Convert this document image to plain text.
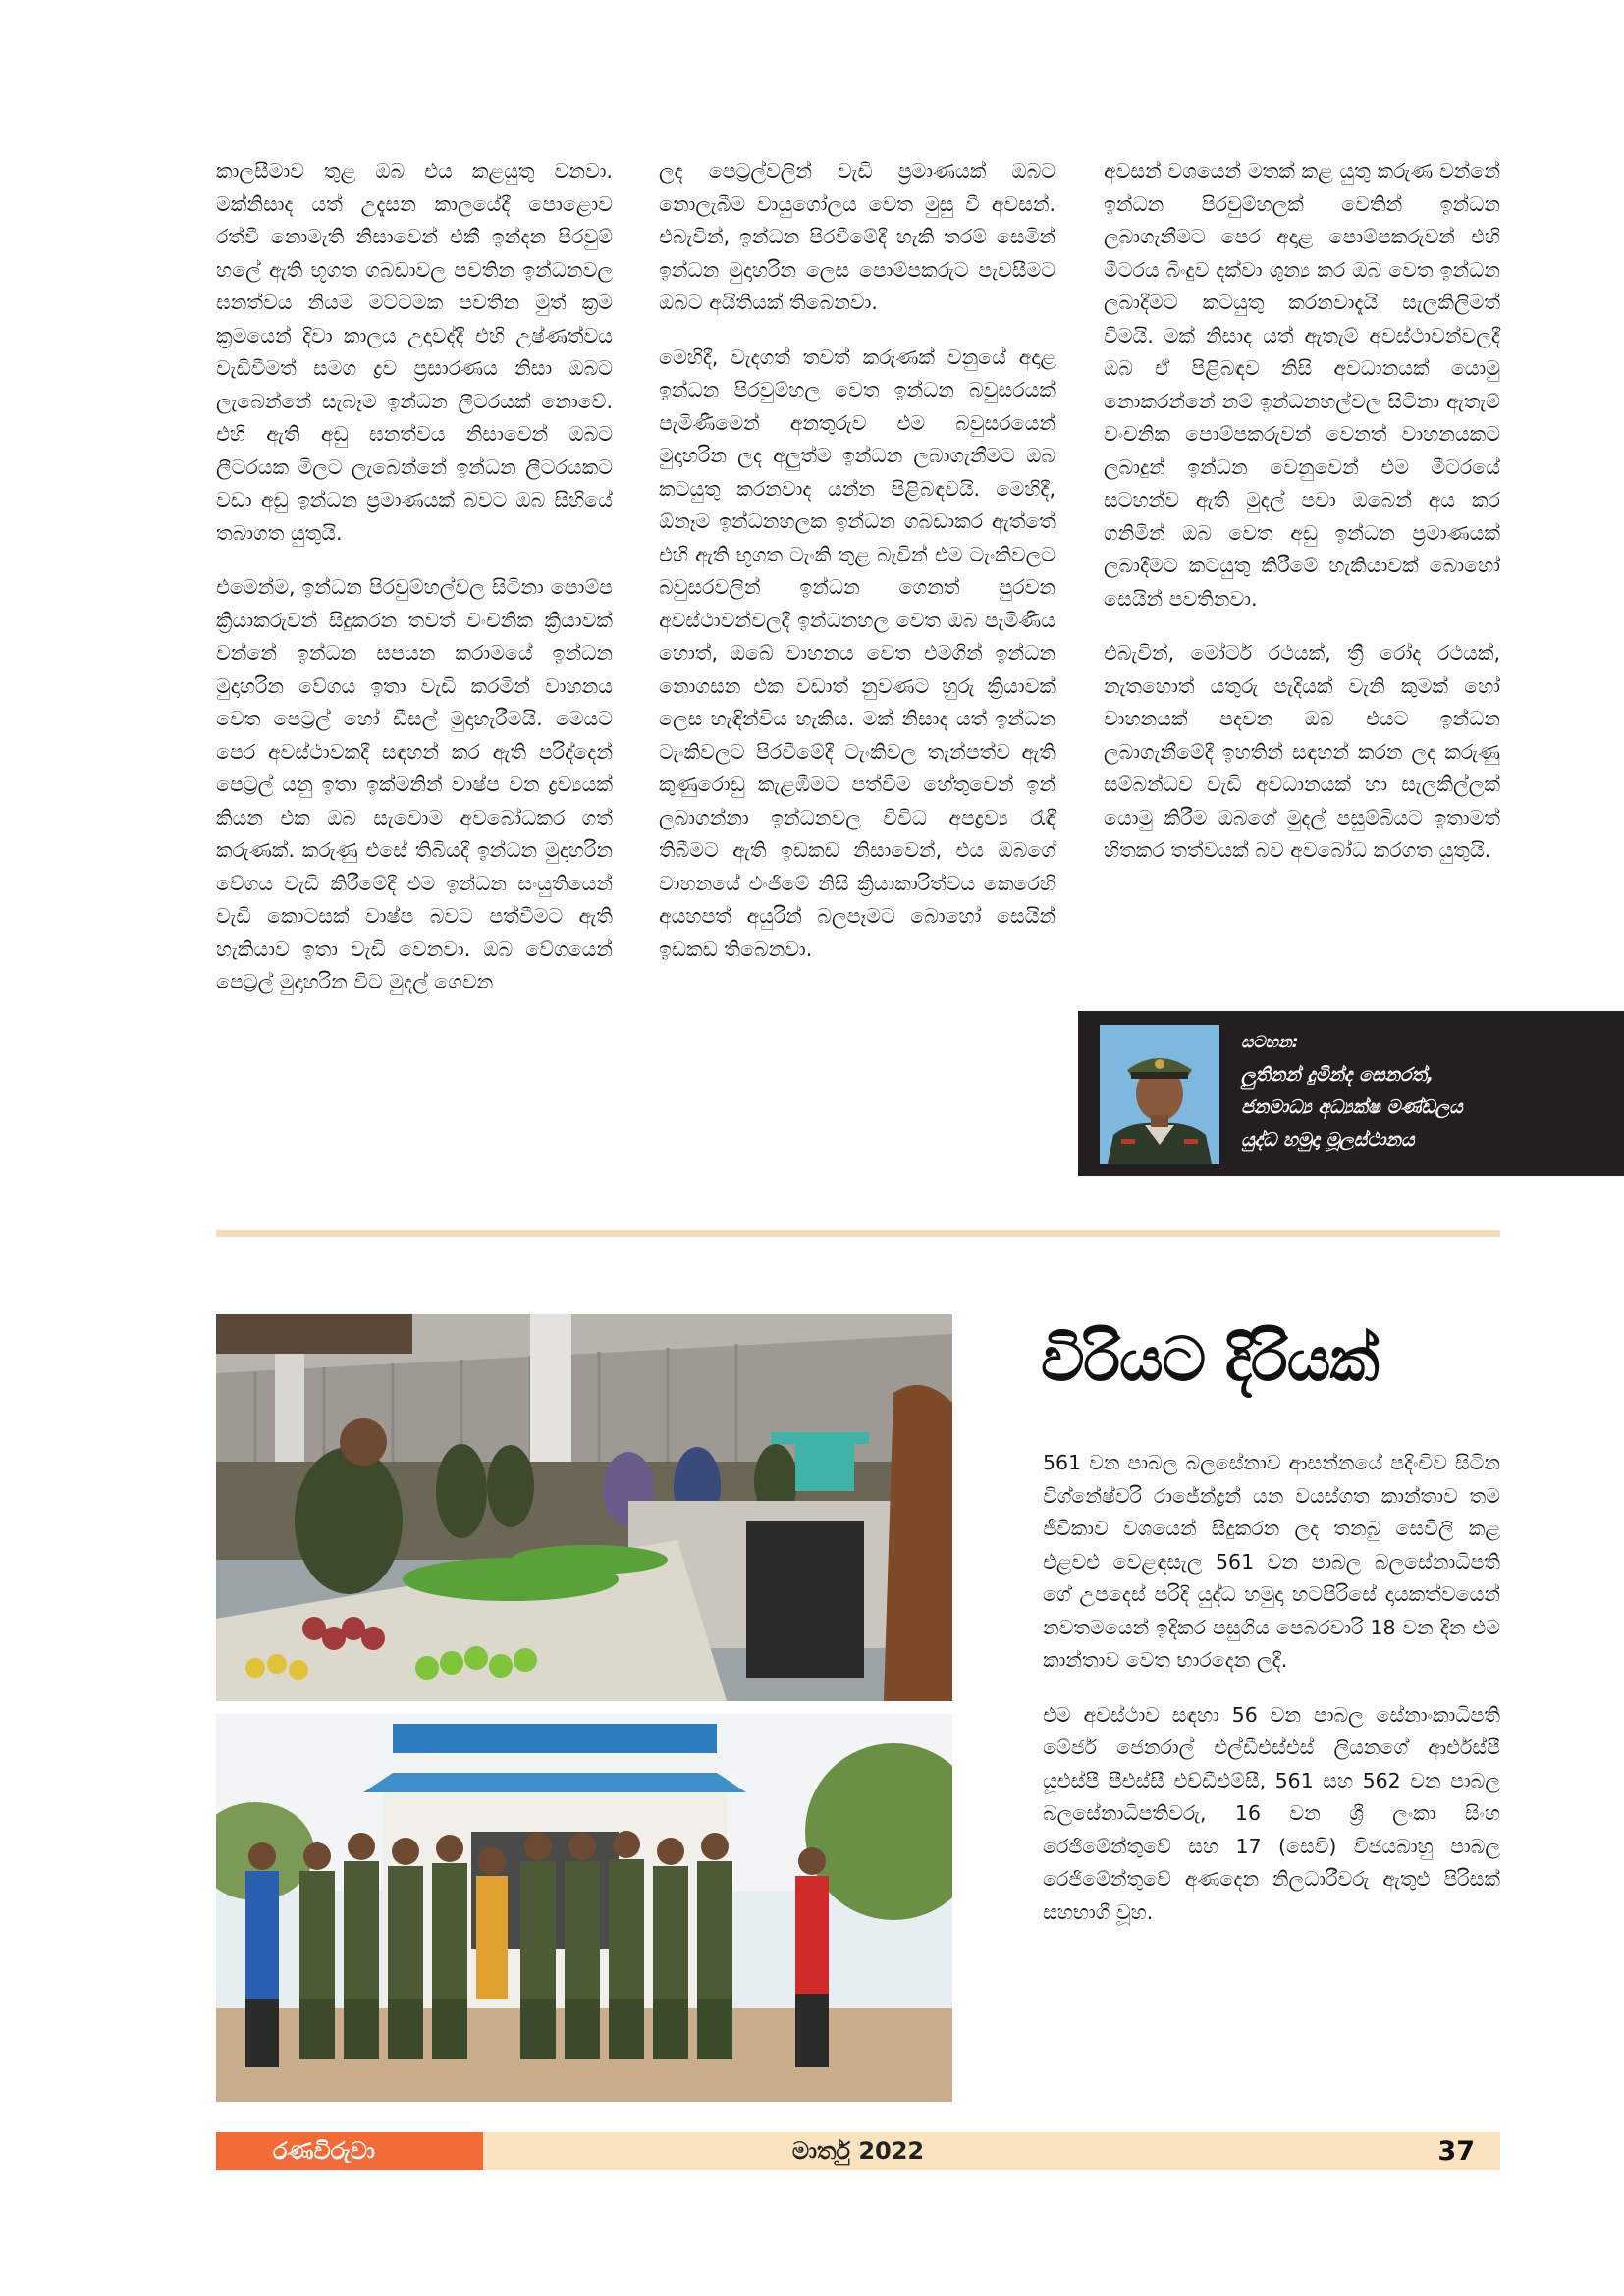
කාලසීමාව තුළ ඔබ එය කළයුතු වනවා. මක්නිසාද යත් උදැසන කාලයේදී පොළොව රත්වී නොමැති නිසාවෙන් එකී ඉන්දන පිරවුම් හලේ ඇති භූගත ගබඩාවල පවතින ඉන්ධනවල ඝනත්වය නියම මට්ටමක පවතින මුත් ක්‍රම ක්‍රමයෙන් දිවා කාලය උදාවද්දී එහි උෂ්ණත්වය වැඩිවීමත් සමග ද්‍රව ප්‍රසාරණය නිසා ඔබට ලැබෙන්නේ සැබෑම ඉන්ධන ලීටරයක් නොවේ. එහි ඇති අඩු ඝනත්වය නිසාවෙන් ඔබට ලීටරයක මිලට ලැබෙන්නේ ඉන්ධන ලීටරයකට වඩා අඩු ඉන්ධන ප්‍රමාණයක් බවට ඔබ සිහියේ තබාගත යුතුයි.

එමෙන්ම, ඉන්ධන පිරවුම්හල්වල සිටිනා පොම්ප ක්‍රියාකරුවන් සිදුකරන තවත් වංචනික ක්‍රියාවක් වන්නේ ඉන්ධන සපයන කරාමයේ ඉන්ධන මුදාහරින වේගය ඉතා වැඩි කරමින් වාහනය වෙත පෙට්‍රල් හෝ ඩීසල් මුදාහැරීමයි. මෙයට පෙර අවස්ථාවකදී සඳහන් කර ඇති පරිද්දෙන් පෙට්‍රල් යනු ඉතා ඉක්මනින් වාෂ්ප වන ද්‍රව්‍යයක් කියන එක ඔබ සැවොම අවබෝධකර ගත් කරුණක්. කරුණු එසේ තිබියදී ඉන්ධන මුදාහරින වේගය වැඩි කිරීමේදී එම ඉන්ධන සංයුතියෙන් වැඩි කොටසක් වාෂ්ප බවට පත්වීමට ඇති හැකියාව ඉතා වැඩි වෙනවා. ඔබ වේගයෙන් පෙට්‍රල් මුදාහරින විට මුදල් ගෙවන

ලද පෙට්‍රල්වලින් වැඩි ප්‍රමාණයක් ඔබට නොලැබීම වායුගෝලය වෙත මුසු වී අවසන්. එබැවින්, ඉන්ධන පිරවීමේදී හැකි තරම් සෙමින් ඉන්ධන මුදාහරින ලෙස පොම්පකරුට පැවසීමට ඔබට අයිතියක් තිබෙනවා.

මෙහිදී, වැදගත් තවත් කරුණක් වනුයේ අදාළ ඉන්ධන පිරවුම්හල වෙත ඉන්ධන බවුසරයක් පැමිණීමෙන් අනතුරුව එම බවුසරයෙන් මුදාහරින ලද අලුත්ම ඉන්ධන ලබාගැනීමට ඔබ කටයුතු කරනවාද යන්න පිළිබඳවයි. මෙහිදී, ඕනෑම ඉන්ධනහලක ඉන්ධන ගබඩාකර ඇත්තේ එහි ඇති භූගත ටැංකි තුළ බැවින් එම ටැංකිවලට බවුසරවලින් ඉන්ධන ගෙනත් පුරවන අවස්ථාවන්වලදී ඉන්ධනහල වෙත ඔබ පැමිණිය හොත්, ඔබේ වාහනය වෙත එමගින් ඉන්ධන නොගසන එක වඩාත් නුවණට හුරු ක්‍රියාවක් ලෙස හැඳින්විය හැකිය. මක් නිසාද යත් ඉන්ධන ටැංකිවලට පිරවීමේදී ටැංකිවල තැන්පත්ව ඇති කුණුරොඩු කැළඹීමට පත්වීම හේතුවෙන් ඉන් ලබාගන්නා ඉන්ධනවල විවිධ අපද්‍රව්‍ය රැඳී තිබීමට ඇති ඉඩකඩ නිසාවෙන්, එය ඔබගේ වාහනයේ එංජිමේ නිසි ක්‍රියාකාරිත්වය කෙරෙහි අයහපත් අයුරින් බලපෑමට බොහෝ සෙයින් ඉඩකඩ තිබෙනවා.

අවසන් වශයෙන් මතක් කළ යුතු කරුණ වන්නේ ඉන්ධන පිරවුම්හලක් වෙතින් ඉන්ධන ලබාගැනීමට පෙර අදාළ පොම්පකරුවන් එහි මීටරය බිංදුව දක්වා ශුන්‍ය කර ඔබ වෙත ඉන්ධන ලබාදීමට කටයුතු කරනවාදැයි සැලකිලිමත් වීමයි. මක් නිසාද යත් ඇතැම් අවස්ථාවන්වලදී ඔබ ඒ පිළිබඳව නිසි අවධානයක් යොමු නොකරන්නේ නම් ඉන්ධනහල්වල සිටිනා ඇතැම් වංචනික පොම්පකරුවන් වෙනත් වාහනයකට ලබාදුන් ඉන්ධන වෙනුවෙන් එම මීටරයේ සටහන්ව ඇති මුදල් පවා ඔබෙන් අය කර ගනිමින් ඔබ වෙත අඩු ඉන්ධන ප්‍රමාණයක් ලබාදීමට කටයුතු කිරීමේ හැකියාවක් බොහෝ සෙයින් පවතිනවා.

එබැවින්, මෝටර් රථයක්, ත්‍රී රෝද රථයක්, නැතහොත් යතුරු පැදියක් වැනි කුමක් හෝ වාහනයක් පදවන ඔබ එයට ඉන්ධන ලබාගැනීමේදී ඉහතින් සඳහන් කරන ලද කරුණු සම්බන්ධව වැඩි අවධානයක් හා සැලකිල්ලක් යොමු කිරීම ඔබගේ මුදල් පසුම්බියට ඉතාමත් හිතකර තත්වයක් බව අවබෝධ කරගත යුතුයි.

සටහන:
ලුතිනන් දුමින්ද සෙනරත්,
ජනමාධ්‍ය අධ්‍යක්ෂ මණ්ඩලය
යුද්ධ හමුදා මූලස්ථානය
විරියට දිරියක්

561 වන පාබල බලසේනාව ආසන්නයේ පදිංචිව සිටින විග්නේෂ්වරි රාජේන්ද්‍රන් යන වයස්ගත කාන්තාව තම ජීවිකාව වශයෙන් සිදුකරන ලද තනබු සෙවිලි කළ එළවළු වෙළඳසැල 561 වන පාබල බලසේනාධිපති ගේ උපදෙස් පරිදි යුද්ධ හමුදා හටපිරිසේ දායකත්වයෙන් නවතමයෙන් ඉදිකර පසුගිය පෙබරවාරි 18 වන දින එම කාන්තාව වෙත භාරදෙන ලදී.

එම අවස්ථාව සඳහා 56 වන පාබල සේනාංකාධිපති මේජර් ජෙනරාල් එල්ඩීඑස්එස් ලියනගේ ආර්එස්පී යූඑස්පී පීඑස්සී එච්ඩීඑම්සී, 561 සහ 562 වන පාබල බලසේනාධිපතිවරු, 16 වන ශ්‍රී ලංකා සිංහ රෙජිමේන්තුවේ සහ 17 (සෙවි) විජයබාහු පාබල රෙජිමේන්තුවේ අණදෙන නිලධාරීවරු ඇතුළු පිරිසක් සහභාගී වූහ.

මාර්තු 2022
රණවිරුවා	37
